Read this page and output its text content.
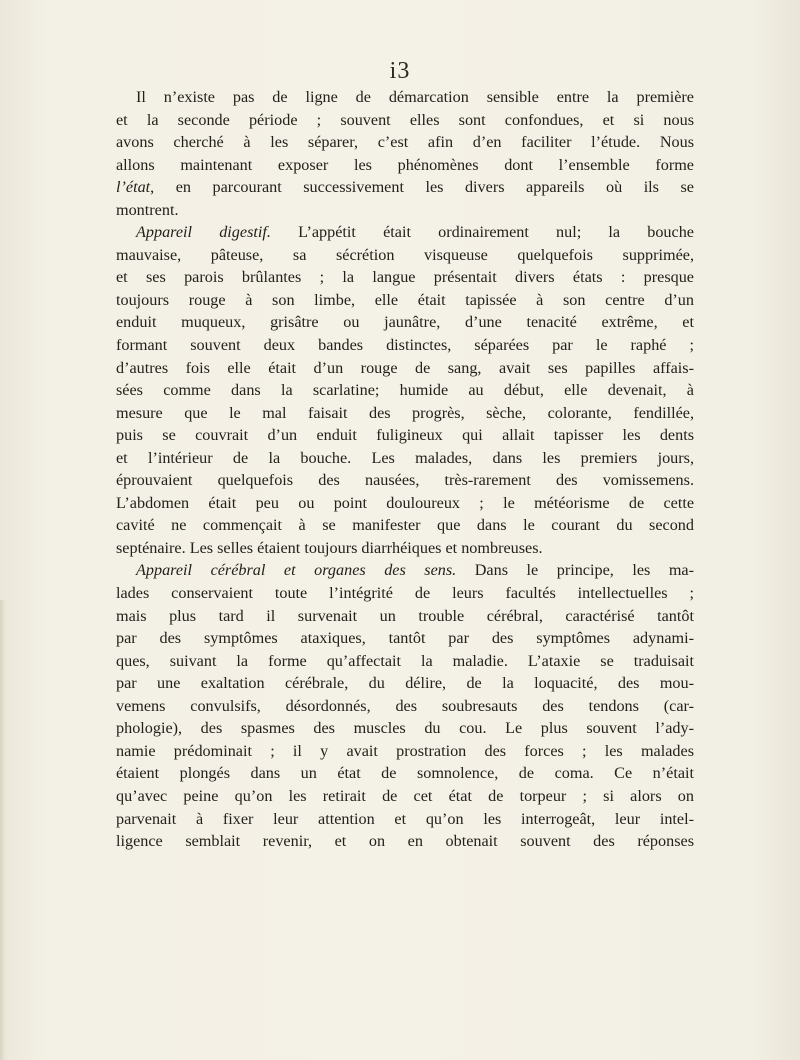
i3
Il n’existe pas de ligne de démarcation sensible entre la première
et la seconde période ; souvent elles sont confondues, et si nous
avons cherché à les séparer, c’est afin d’en faciliter l’étude. Nous
allons maintenant exposer les phénomènes dont l’ensemble forme
l’état, en parcourant successivement les divers appareils où ils se
montrent.
Appareil digestif. L’appétit était ordinairement nul; la bouche
mauvaise, pâteuse, sa sécrétion visqueuse quelquefois supprimée,
et ses parois brûlantes ; la langue présentait divers états : presque
toujours rouge à son limbe, elle était tapissée à son centre d’un
enduit muqueux, grisâtre ou jaunâtre, d’une tenacité extrême, et
formant souvent deux bandes distinctes, séparées par le raphé ;
d’autres fois elle était d’un rouge de sang, avait ses papilles affais-
sées comme dans la scarlatine; humide au début, elle devenait, à
mesure que le mal faisait des progrès, sèche, colorante, fendillée,
puis se couvrait d’un enduit fuligineux qui allait tapisser les dents
et l’intérieur de la bouche. Les malades, dans les premiers jours,
éprouvaient quelquefois des nausées, très-rarement des vomissemens.
L’abdomen était peu ou point douloureux ; le météorisme de cette
cavité ne commençait à se manifester que dans le courant du second
septénaire. Les selles étaient toujours diarrhéiques et nombreuses.
Appareil cérébral et organes des sens. Dans le principe, les ma-
lades conservaient toute l’intégrité de leurs facultés intellectuelles ;
mais plus tard il survenait un trouble cérébral, caractérisé tantôt
par des symptômes ataxiques, tantôt par des symptômes adynami-
ques, suivant la forme qu’affectait la maladie. L’ataxie se traduisait
par une exaltation cérébrale, du délire, de la loquacité, des mou-
vemens convulsifs, désordonnés, des soubresauts des tendons (car-
phologie), des spasmes des muscles du cou. Le plus souvent l’ady-
namie prédominait ; il y avait prostration des forces ; les malades
étaient plongés dans un état de somnolence, de coma. Ce n’était
qu’avec peine qu’on les retirait de cet état de torpeur ; si alors on
parvenait à fixer leur attention et qu’on les interrogeât, leur intel-
ligence semblait revenir, et on en obtenait souvent des réponses
